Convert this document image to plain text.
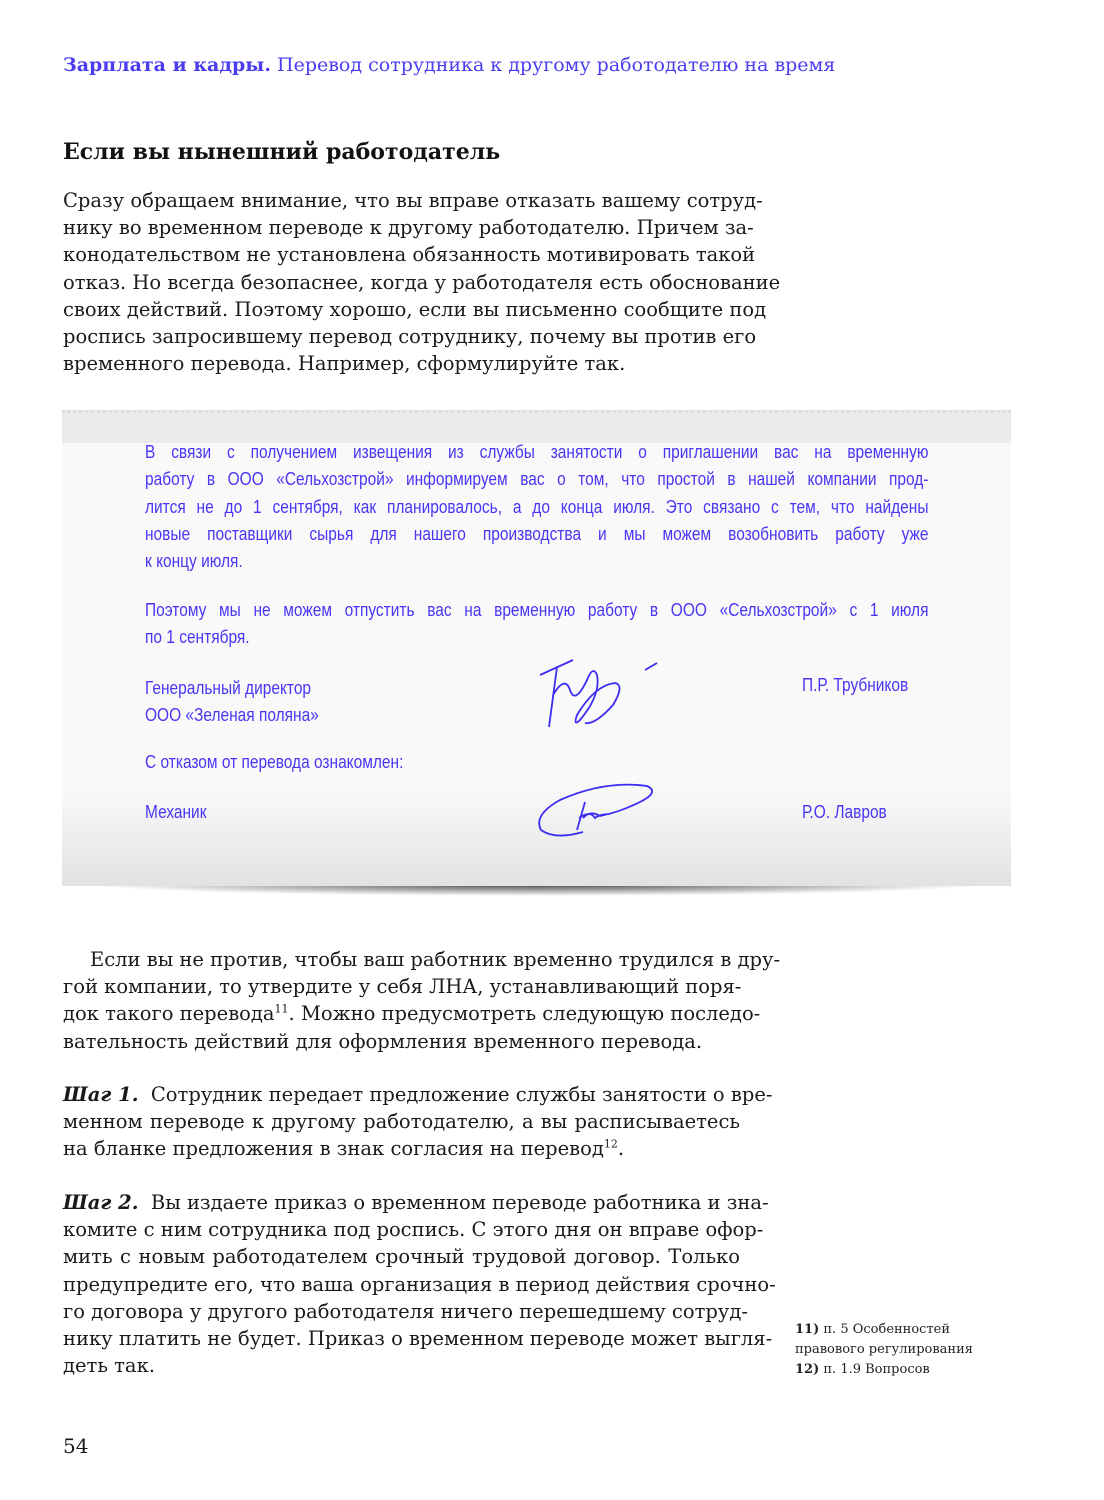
Зарплата и кадры. Перевод сотрудника к другому работодателю на время
Если вы нынешний работодатель
Сразу обращаем внимание, что вы вправе отказать вашему сотруд-
нику во временном переводе к другому работодателю. Причем за-
конодательством не установлена обязанность мотивировать такой
отказ. Но всегда безопаснее, когда у работодателя есть обоснование
своих действий. Поэтому хорошо, если вы письменно сообщите под
роспись запросившему перевод сотруднику, почему вы против его
временного перевода. Например, сформулируйте так.
В связи с получением извещения из службы занятости о приглашении вас на временную
работу в ООО «Сельхозстрой» информируем вас о том, что простой в нашей компании прод-
лится не до 1 сентября, как планировалось, а до конца июля. Это связано с тем, что найдены
новые поставщики сырья для нашего производства и мы можем возобновить работу уже
к концу июля.
Поэтому мы не можем отпустить вас на временную работу в ООО «Сельхозстрой» с 1 июля
по 1 сентября.
Генеральный директор
ООО «Зеленая поляна»
П.Р. Трубников
С отказом от перевода ознакомлен:
Механик	Р.О. Лавров
Если вы не против, чтобы ваш работник временно трудился в дру-
гой компании, то утвердите у себя ЛНА, устанавливающий поря-
док такого перевода$^{11}$. Можно предусмотреть следующую последо-
вательность действий для оформления временного перевода.
Шаг 1. Сотрудник передает предложение службы занятости о вре-
менном переводе к другому работодателю, а вы расписываетесь
на бланке предложения в знак согласия на перевод$^{12}$.
Шаг 2. Вы издаете приказ о временном переводе работника и зна-
комите с ним сотрудника под роспись. С этого дня он вправе офор-
мить с новым работодателем срочный трудовой договор. Только
предупредите его, что ваша организация в период действия срочно-
го договора у другого работодателя ничего перешедшему сотруд-
нику платить не будет. Приказ о временном переводе может выгля-
деть так.
11) п. 5 Особенностей правового регулирования
12) п. 1.9 Вопросов
54
